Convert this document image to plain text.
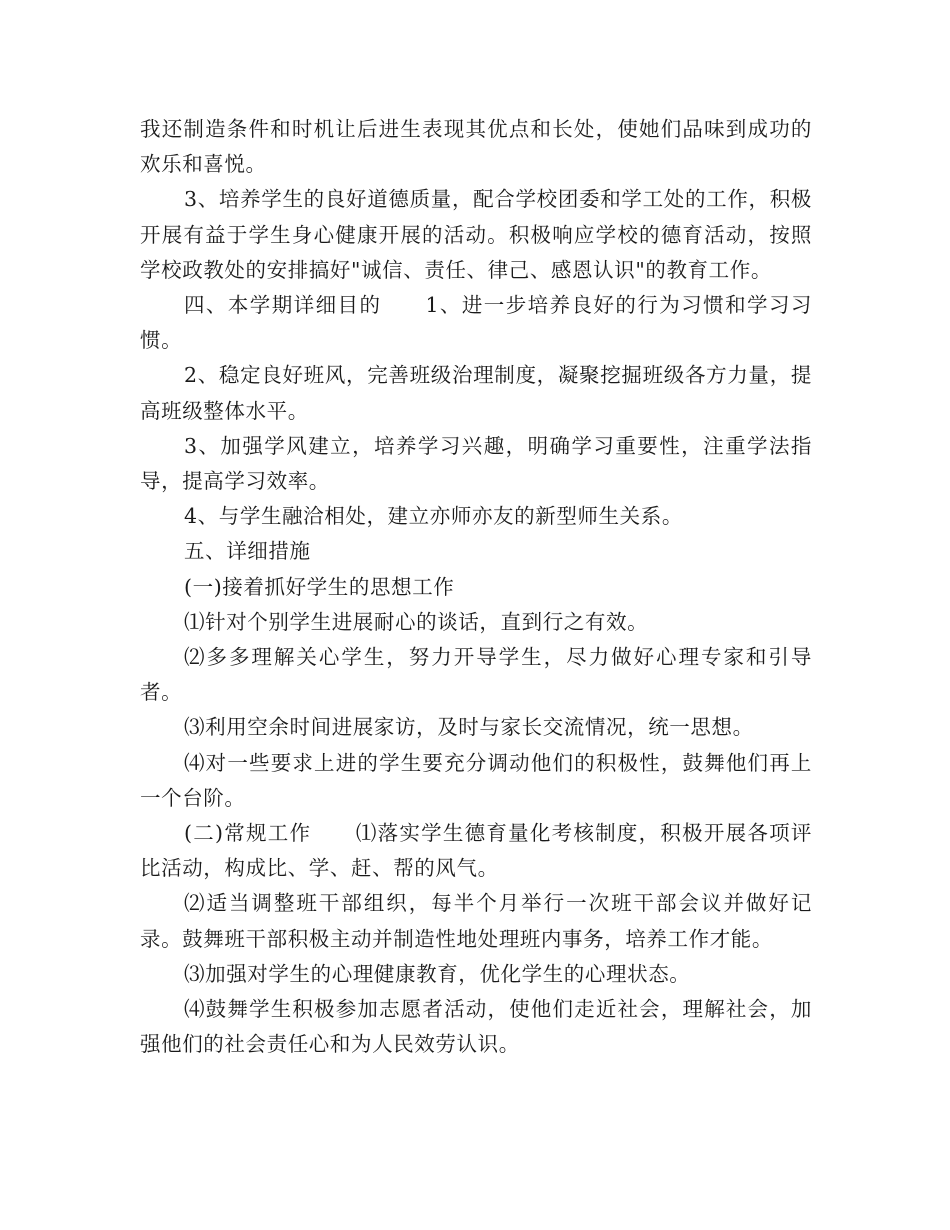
我还制造条件和时机让后进生表现其优点和长处，使她们品味到成功的欢乐和喜悦。

3、培养学生的良好道德质量，配合学校团委和学工处的工作，积极开展有益于学生身心健康开展的活动。积极响应学校的德育活动，按照学校政教处的安排搞好"诚信、责任、律己、感恩认识"的教育工作。

四、本学期详细目的 1、进一步培养良好的行为习惯和学习习惯。

2、稳定良好班风，完善班级治理制度，凝聚挖掘班级各方力量，提高班级整体水平。

3、加强学风建立，培养学习兴趣，明确学习重要性，注重学法指导，提高学习效率。

4、与学生融洽相处，建立亦师亦友的新型师生关系。

五、详细措施

(一)接着抓好学生的思想工作

⑴针对个别学生进展耐心的谈话，直到行之有效。

⑵多多理解关心学生，努力开导学生，尽力做好心理专家和引导者。

⑶利用空余时间进展家访，及时与家长交流情况，统一思想。

⑷对一些要求上进的学生要充分调动他们的积极性，鼓舞他们再上一个台阶。

(二)常规工作 ⑴落实学生德育量化考核制度，积极开展各项评比活动，构成比、学、赶、帮的风气。

⑵适当调整班干部组织，每半个月举行一次班干部会议并做好记录。鼓舞班干部积极主动并制造性地处理班内事务，培养工作才能。

⑶加强对学生的心理健康教育，优化学生的心理状态。

⑷鼓舞学生积极参加志愿者活动，使他们走近社会，理解社会，加强他们的社会责任心和为人民效劳认识。
